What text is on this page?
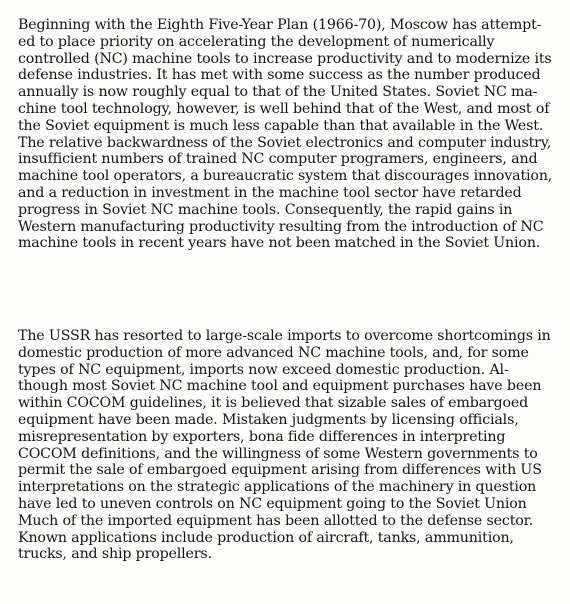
Beginning with the Eighth Five-Year Plan (1966-70), Moscow has attempt-
ed to place priority on accelerating the development of numerically
controlled (NC) machine tools to increase productivity and to modernize its
defense industries. It has met with some success as the number produced
annually is now roughly equal to that of the United States. Soviet NC ma-
chine tool technology, however, is well behind that of the West, and most of
the Soviet equipment is much less capable than that available in the West.
The relative backwardness of the Soviet electronics and computer industry,
insufficient numbers of trained NC computer programers, engineers, and
machine tool operators, a bureaucratic system that discourages innovation,
and a reduction in investment in the machine tool sector have retarded
progress in Soviet NC machine tools. Consequently, the rapid gains in
Western manufacturing productivity resulting from the introduction of NC
machine tools in recent years have not been matched in the Soviet Union.

The USSR has resorted to large-scale imports to overcome shortcomings in
domestic production of more advanced NC machine tools, and, for some
types of NC equipment, imports now exceed domestic production. Al-
though most Soviet NC machine tool and equipment purchases have been
within COCOM guidelines, it is believed that sizable sales of embargoed
equipment have been made. Mistaken judgments by licensing officials,
misrepresentation by exporters, bona fide differences in interpreting
COCOM definitions, and the willingness of some Western governments to
permit the sale of embargoed equipment arising from differences with US
interpretations on the strategic applications of the machinery in question
have led to uneven controls on NC equipment going to the Soviet Union
Much of the imported equipment has been allotted to the defense sector.
Known applications include production of aircraft, tanks, ammunition,
trucks, and ship propellers.
